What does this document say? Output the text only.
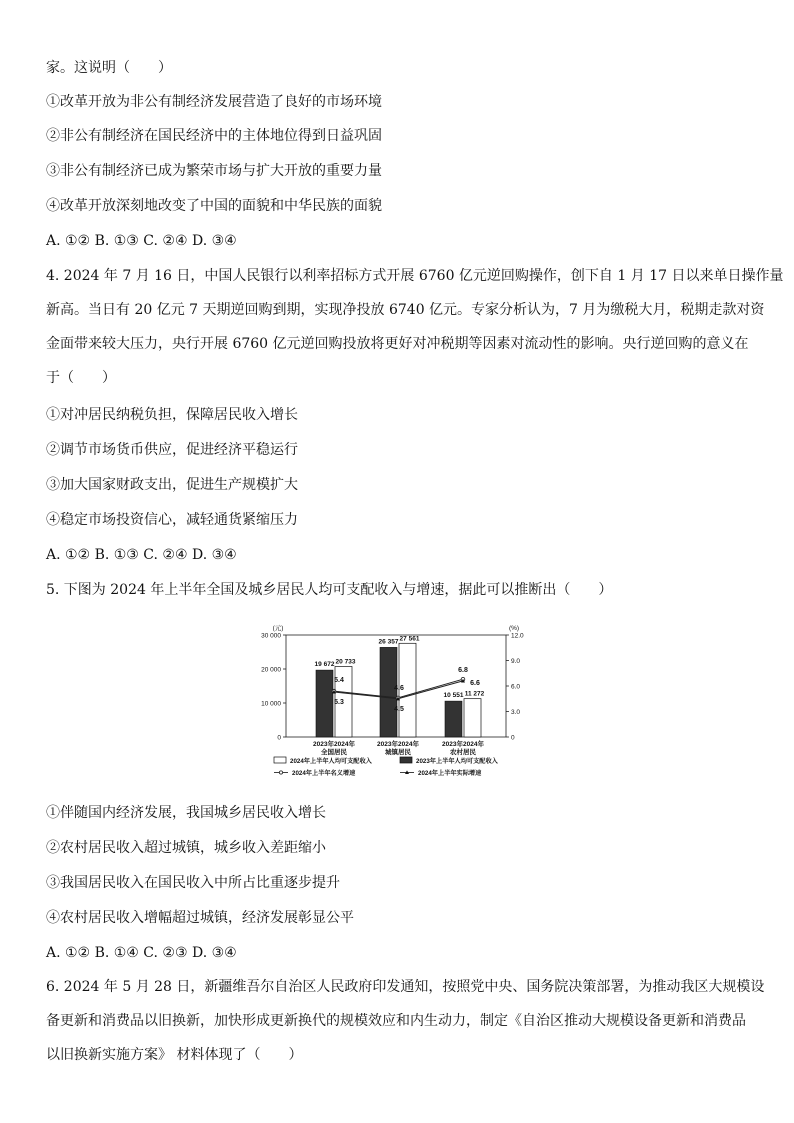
家。这说明（　　）
①改革开放为非公有制经济发展营造了良好的市场环境
②非公有制经济在国民经济中的主体地位得到日益巩固
③非公有制经济已成为繁荣市场与扩大开放的重要力量
④改革开放深刻地改变了中国的面貌和中华民族的面貌
A. ①② B. ①③ C. ②④ D. ③④
4. 2024 年 7 月 16 日，中国人民银行以利率招标方式开展 6760 亿元逆回购操作，创下自 1 月 17 日以来单日操作量
新高。当日有 20 亿元 7 天期逆回购到期，实现净投放 6740 亿元。专家分析认为，7 月为缴税大月，税期走款对资
金面带来较大压力，央行开展 6760 亿元逆回购投放将更好对冲税期等因素对流动性的影响。央行逆回购的意义在
于（　　）
①对冲居民纳税负担，保障居民收入增长
②调节市场货币供应，促进经济平稳运行
③加大国家财政支出，促进生产规模扩大
④稳定市场投资信心，减轻通货紧缩压力
A. ①② B. ①③ C. ②④ D. ③④
5. 下图为 2024 年上半年全国及城乡居民人均可支配收入与增速，据此可以推断出（　　）
(元)	(%)
0
10 000
20 000
30 000
0
3.0
6.0
9.0
12.0
19 672 20 733
2023年2024年
全国居民
26 357 27 561
2023年2024年
城镇居民
10 551 11 272
2023年2024年
农村居民
5.4
4.6
6.8
5.3
4.5
6.6
2024年上半年人均可支配收入	2023年上半年人均可支配收入
2024年上半年名义增速	2024年上半年实际增速
①伴随国内经济发展，我国城乡居民收入增长
②农村居民收入超过城镇，城乡收入差距缩小
③我国居民收入在国民收入中所占比重逐步提升
④农村居民收入增幅超过城镇，经济发展彰显公平
A. ①② B. ①④ C. ②③ D. ③④
6. 2024 年 5 月 28 日，新疆维吾尔自治区人民政府印发通知，按照党中央、国务院决策部署，为推动我区大规模设
备更新和消费品以旧换新，加快形成更新换代的规模效应和内生动力，制定《自治区推动大规模设备更新和消费品
以旧换新实施方案》 材料体现了（　　）
